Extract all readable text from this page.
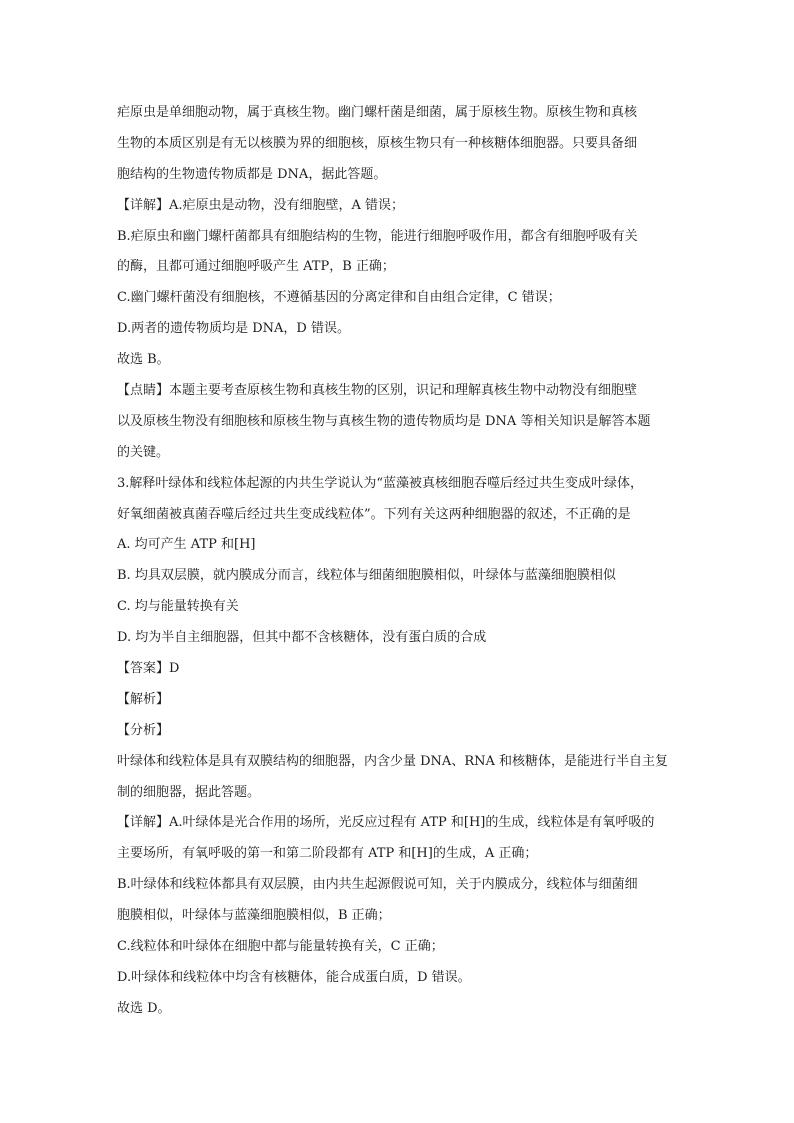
疟原虫是单细胞动物，属于真核生物。幽门螺杆菌是细菌，属于原核生物。原核生物和真核
生物的本质区别是有无以核膜为界的细胞核，原核生物只有一种核糖体细胞器。只要具备细
胞结构的生物遗传物质都是 DNA，据此答题。
【详解】A.疟原虫是动物，没有细胞壁，A 错误；
B.疟原虫和幽门螺杆菌都具有细胞结构的生物，能进行细胞呼吸作用，都含有细胞呼吸有关
的酶，且都可通过细胞呼吸产生 ATP，B 正确；
C.幽门螺杆菌没有细胞核，不遵循基因的分离定律和自由组合定律，C 错误；
D.两者的遗传物质均是 DNA，D 错误。
故选 B。
【点睛】本题主要考查原核生物和真核生物的区别，识记和理解真核生物中动物没有细胞壁
以及原核生物没有细胞核和原核生物与真核生物的遗传物质均是 DNA 等相关知识是解答本题
的关键。
3.解释叶绿体和线粒体起源的内共生学说认为“蓝藻被真核细胞吞噬后经过共生变成叶绿体，
好氧细菌被真菌吞噬后经过共生变成线粒体”。下列有关这两种细胞器的叙述，不正确的是
A. 均可产生 ATP 和[H]
B. 均具双层膜，就内膜成分而言，线粒体与细菌细胞膜相似，叶绿体与蓝藻细胞膜相似
C. 均与能量转换有关
D. 均为半自主细胞器，但其中都不含核糖体，没有蛋白质的合成
【答案】D
【解析】
【分析】
叶绿体和线粒体是具有双膜结构的细胞器，内含少量 DNA、RNA 和核糖体，是能进行半自主复
制的细胞器，据此答题。
【详解】A.叶绿体是光合作用的场所，光反应过程有 ATP 和[H]的生成，线粒体是有氧呼吸的
主要场所，有氧呼吸的第一和第二阶段都有 ATP 和[H]的生成，A 正确；
B.叶绿体和线粒体都具有双层膜，由内共生起源假说可知，关于内膜成分，线粒体与细菌细
胞膜相似，叶绿体与蓝藻细胞膜相似，B 正确；
C.线粒体和叶绿体在细胞中都与能量转换有关，C 正确；
D.叶绿体和线粒体中均含有核糖体，能合成蛋白质，D 错误。
故选 D。
